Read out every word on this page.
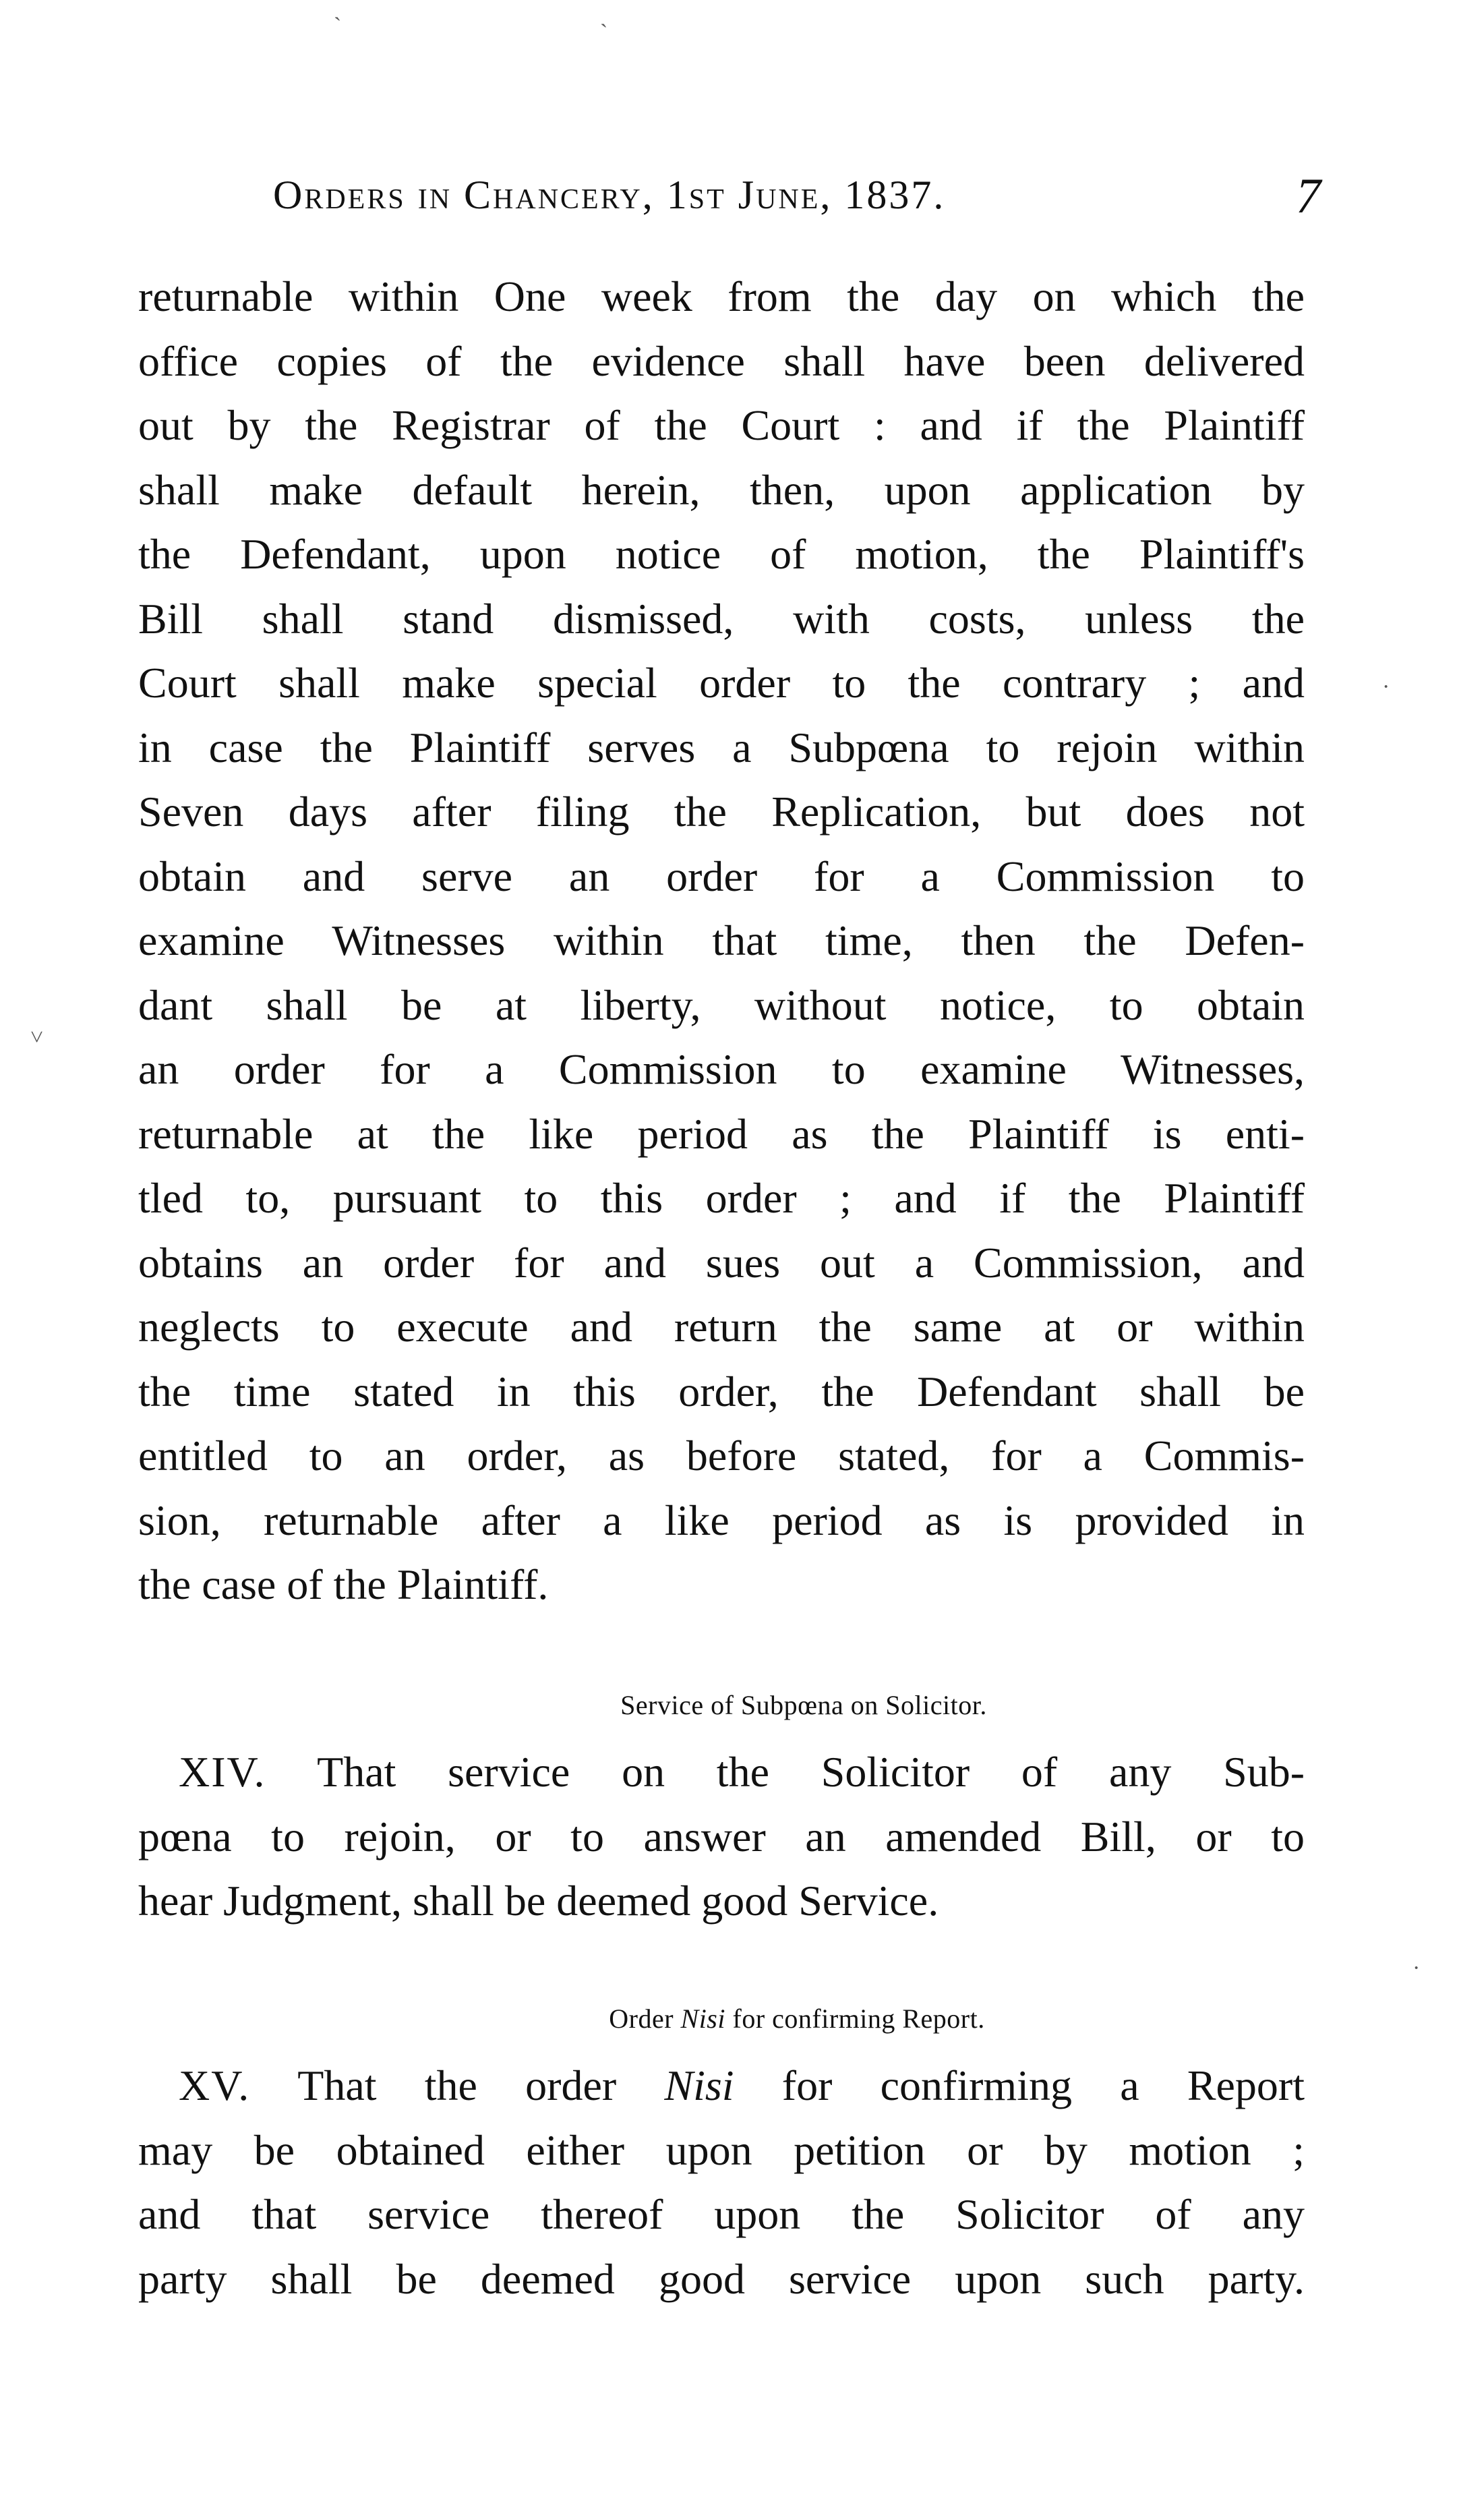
Orders in Chancery, 1st June, 1837.	7
returnable within One week from the day on which the
office copies of the evidence shall have been delivered
out by the Registrar of the Court : and if the Plaintiff
shall make default herein, then, upon application by
the Defendant, upon notice of motion, the Plaintiff's
Bill shall stand dismissed, with costs, unless the
Court shall make special order to the contrary ; and
in case the Plaintiff serves a Subpœna to rejoin within
Seven days after filing the Replication, but does not
obtain and serve an order for a Commission to
examine Witnesses within that time, then the Defen-
dant shall be at liberty, without notice, to obtain
an order for a Commission to examine Witnesses,
returnable at the like period as the Plaintiff is enti-
tled to, pursuant to this order ; and if the Plaintiff
obtains an order for and sues out a Commission, and
neglects to execute and return the same at or within
the time stated in this order, the Defendant shall be
entitled to an order, as before stated, for a Commis-
sion, returnable after a like period as is provided in
the case of the Plaintiff.
Service of Subpœna on Solicitor.
XIV. That service on the Solicitor of any Sub-
pœna to rejoin, or to answer an amended Bill, or to
hear Judgment, shall be deemed good Service.
Order Nisi for confirming Report.
XV. That the order Nisi for confirming a Report
may be obtained either upon petition or by motion ;
and that service thereof upon the Solicitor of any
party shall be deemed good service upon such party.
ˋ	ˋ
˅
·
·
